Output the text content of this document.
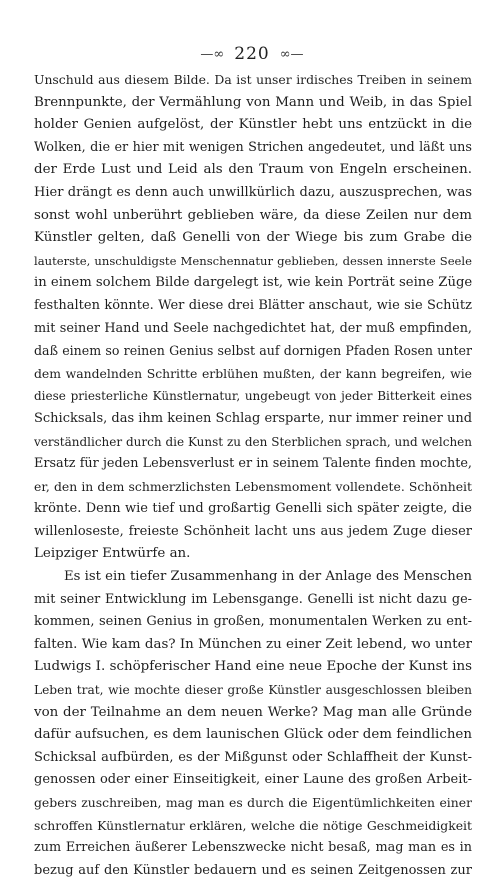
—∞ 220 ∞—
Unschuld aus diesem Bilde. Da ist unser irdisches Treiben in seinem
Brennpunkte, der Vermählung von Mann und Weib, in das Spiel
holder Genien aufgelöst, der Künstler hebt uns entzückt in die
Wolken, die er hier mit wenigen Strichen angedeutet, und läßt uns
der Erde Lust und Leid als den Traum von Engeln erscheinen.
Hier drängt es denn auch unwillkürlich dazu, auszusprechen, was
sonst wohl unberührt geblieben wäre, da diese Zeilen nur dem
Künstler gelten, daß Genelli von der Wiege bis zum Grabe die
lauterste, unschuldigste Menschennatur geblieben, dessen innerste Seele
in einem solchem Bilde dargelegt ist, wie kein Porträt seine Züge
festhalten könnte. Wer diese drei Blätter anschaut, wie sie Schütz
mit seiner Hand und Seele nachgedichtet hat, der muß empfinden,
daß einem so reinen Genius selbst auf dornigen Pfaden Rosen unter
dem wandelnden Schritte erblühen mußten, der kann begreifen, wie
diese priesterliche Künstlernatur, ungebeugt von jeder Bitterkeit eines
Schicksals, das ihm keinen Schlag ersparte, nur immer reiner und
verständlicher durch die Kunst zu den Sterblichen sprach, und welchen
Ersatz für jeden Lebensverlust er in seinem Talente finden mochte,
er, den in dem schmerzlichsten Lebensmoment vollendete. Schönheit
krönte. Denn wie tief und großartig Genelli sich später zeigte, die
willenloseste, freieste Schönheit lacht uns aus jedem Zuge dieser
Leipziger Entwürfe an.
Es ist ein tiefer Zusammenhang in der Anlage des Menschen
mit seiner Entwicklung im Lebensgange. Genelli ist nicht dazu ge-
kommen, seinen Genius in großen, monumentalen Werken zu ent-
falten. Wie kam das? In München zu einer Zeit lebend, wo unter
Ludwigs I. schöpferischer Hand eine neue Epoche der Kunst ins
Leben trat, wie mochte dieser große Künstler ausgeschlossen bleiben
von der Teilnahme an dem neuen Werke? Mag man alle Gründe
dafür aufsuchen, es dem launischen Glück oder dem feindlichen
Schicksal aufbürden, es der Mißgunst oder Schlaffheit der Kunst-
genossen oder einer Einseitigkeit, einer Laune des großen Arbeit-
gebers zuschreiben, mag man es durch die Eigentümlichkeiten einer
schroffen Künstlernatur erklären, welche die nötige Geschmeidigkeit
zum Erreichen äußerer Lebenszwecke nicht besaß, mag man es in
bezug auf den Künstler bedauern und es seinen Zeitgenossen zur
